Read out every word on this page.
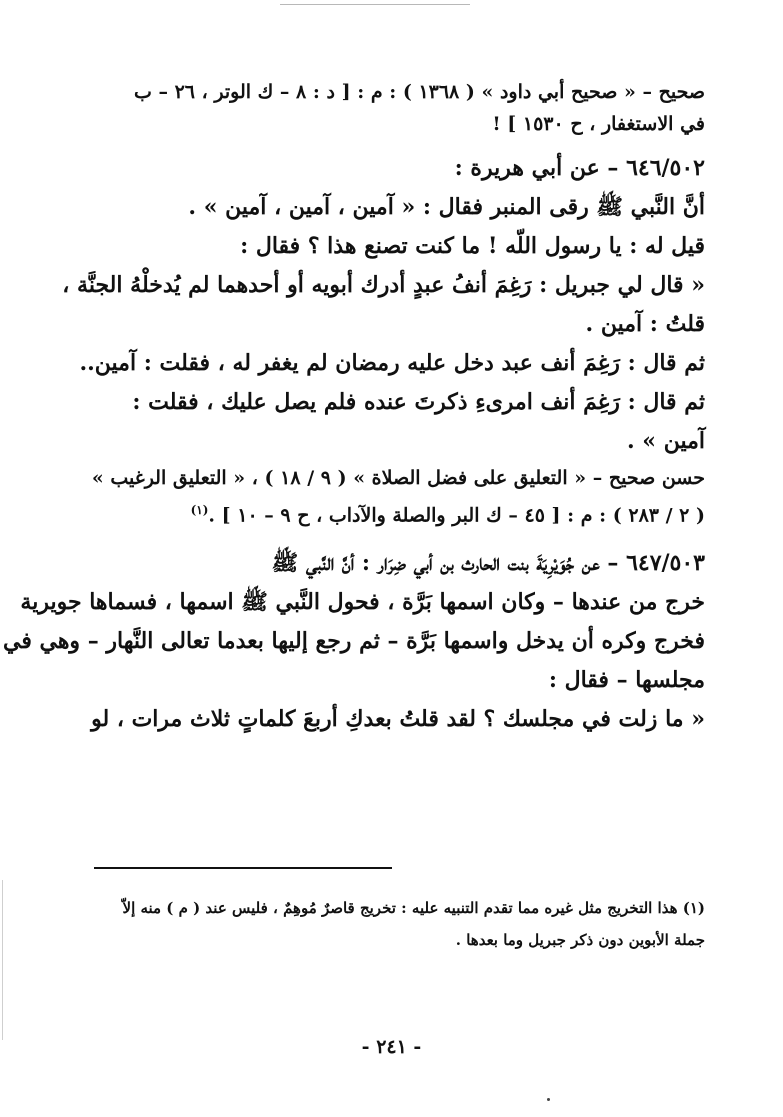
صحيح – « صحيح أبي داود » ( ١٣٦٨ ) : م : [ د : ٨ – ك الوتر ، ٢٦ – ب
في الاستغفار ، ح ١٥٣٠ ] !
٦٤٦/٥٠٢ – عن أبي هريرة :
أنَّ النَّبي ﷺ رقى المنبر فقال : « آمين ، آمين ، آمين » .
قيل له : يا رسول اللّه ! ما كنت تصنع هذا ؟ فقال :
« قال لي جبريل : رَغِمَ أنفُ عبدٍ أدرك أبويه أو أحدهما لم يُدخلْهُ الجنَّة ،
قلتُ : آمين .
ثم قال : رَغِمَ أنف عبد دخل عليه رمضان لم يغفر له ، فقلت : آمين..
ثم قال : رَغِمَ أنف امرىءِ ذكرتَ عنده فلم يصل عليك ، فقلت :
آمين » .
حسن صحيح – « التعليق على فضل الصلاة » ( ٩ / ١٨ ) ، « التعليق الرغيب »
( ٢ / ٢٨٣ ) : م : [ ٤٥ – ك البر والصلة والآداب ، ح ٩ – ١٠ ] .$^{(١)}$
٦٤٧/٥٠٣ – عن جُوَيْرِيَةَ بنت الحارث بن أبي ضِرَار : أنَّ النَّبي ﷺ
خرج من عندها – وكان اسمها بَرَّة ، فحول النَّبي ﷺ اسمها ، فسماها جويرية
فخرج وكره أن يدخل واسمها بَرَّة – ثم رجع إليها بعدما تعالى النَّهار – وهي في
مجلسها – فقال :
« ما زلت في مجلسك ؟ لقد قلتُ بعدكِ أربعَ كلماتٍ ثلاث مرات ، لو
(١) هذا التخريج مثل غيره مما تقدم التنبيه عليه : تخريج قاصرٌ مُوهِمٌ ، فليس عند ( م ) منه إلاّ
جملة الأبوين دون ذكر جبريل وما بعدها .
- ٢٤١ -
